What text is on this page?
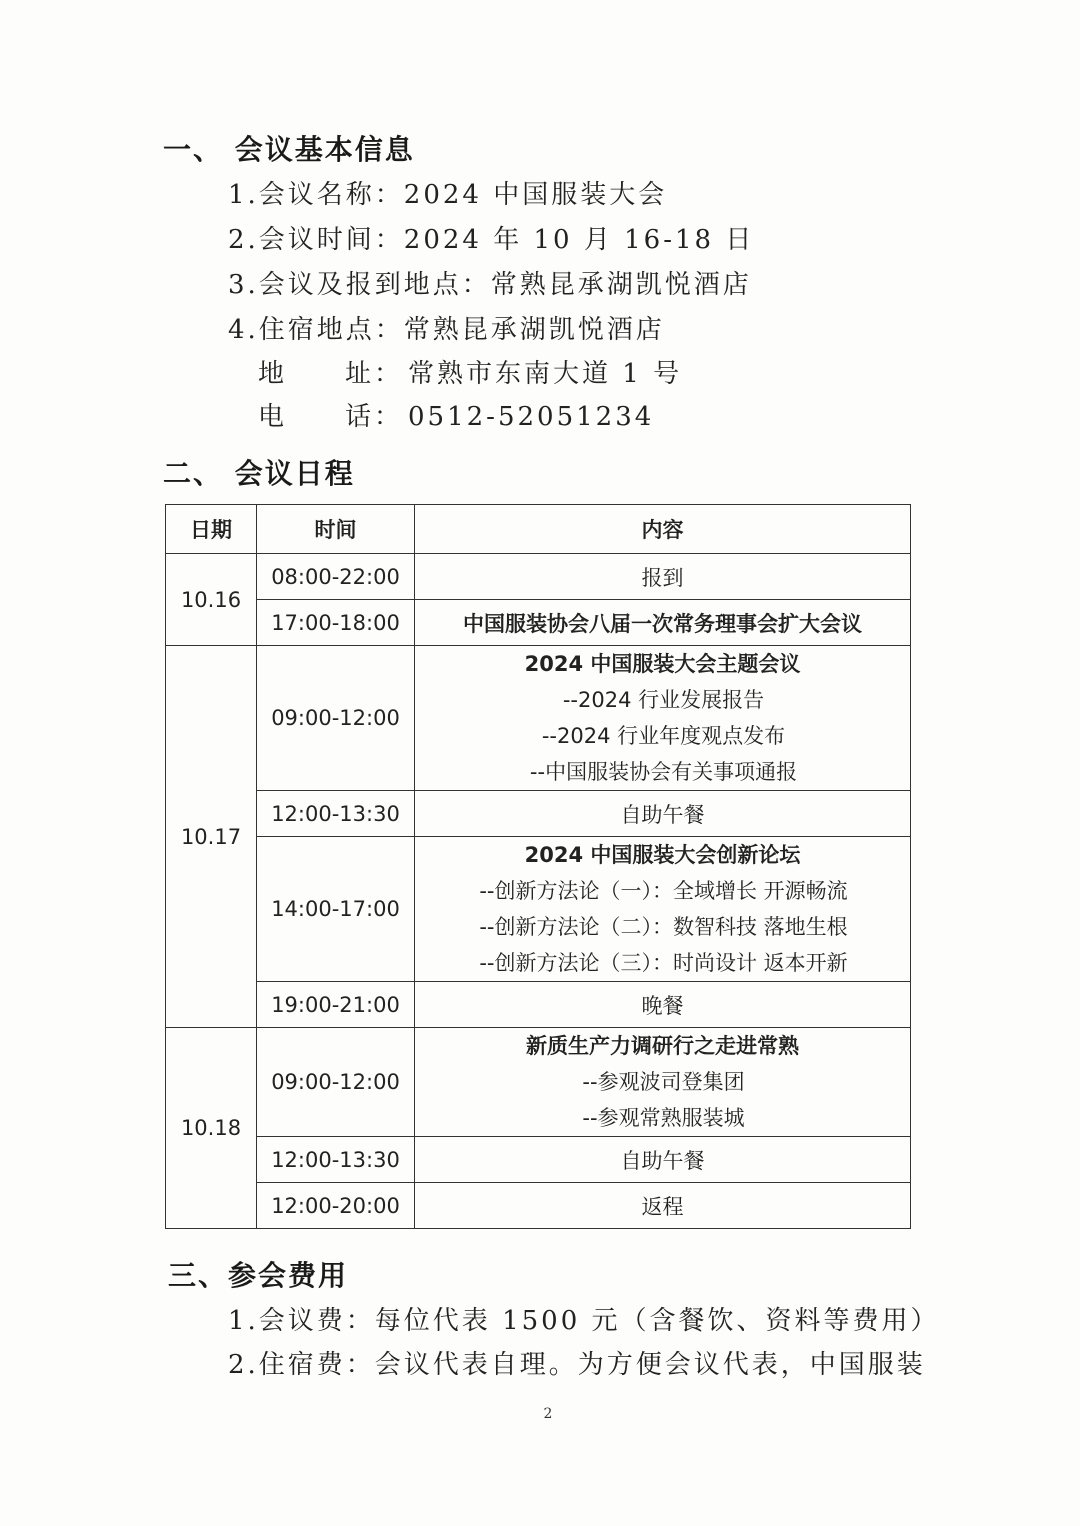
一、 会议基本信息
1.会议名称：2024 中国服装大会
2.会议时间：2024 年 10 月 16-18 日
3.会议及报到地点：常熟昆承湖凯悦酒店
4.住宿地点：常熟昆承湖凯悦酒店
地　　址： 常熟市东南大道 1 号
电　　话： 0512-52051234
二、 会议日程
日期	时间	内容
10.16	08:00-22:00	报到
	17:00-18:00	中国服装协会八届一次常务理事会扩大会议
10.17	09:00-12:00	2024 中国服装大会主题会议
--2024 行业发展报告
--2024 行业年度观点发布
--中国服装协会有关事项通报

	12:00-13:30	自助午餐
	14:00-17:00	2024 中国服装大会创新论坛
--创新方法论（一）：全域增长 开源畅流
--创新方法论（二）：数智科技 落地生根
--创新方法论（三）：时尚设计 返本开新

	19:00-21:00	晚餐
10.18	09:00-12:00	新质生产力调研行之走进常熟
--参观波司登集团
--参观常熟服装城

	12:00-13:30	自助午餐
	12:00-20:00	返程
三、参会费用
1.会议费：每位代表 1500 元（含餐饮、资料等费用）
2.住宿费：会议代表自理。为方便会议代表，中国服装
2
